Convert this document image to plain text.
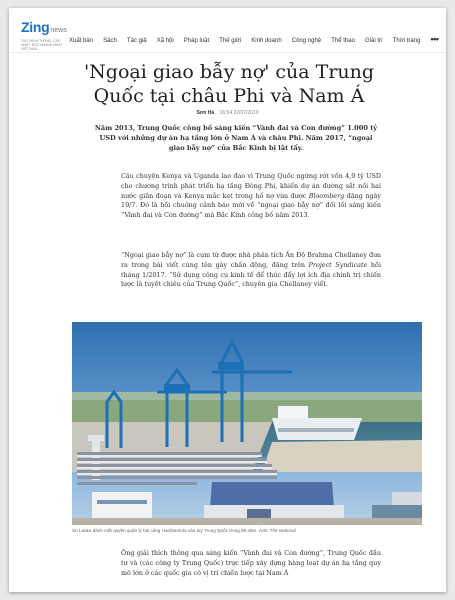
Zingnews
TIN CHÍNH THỐNG, CẬP NHẬT, ĐỌC NHANH NHẤT VIỆT NAM
Xuất bản Sách Tác giả Xã hội Pháp luật Thế giới Kinh doanh Công nghệ Thể thao Giải trí Thời trang •••
'Ngoại giao bẫy nợ' của Trung Quốc tại châu Phi và Nam Á
Sơn Hà 16:54 22/07/2019

Năm 2013, Trung Quốc công bố sáng kiến “Vành đai và Con đường” 1.000 tỷ USD với những dự án hạ tầng lớn ở Nam Á và châu Phi. Năm 2017, “ngoại giao bẫy nợ” của Bắc Kinh bị lật tẩy.

Câu chuyện Kenya và Uganda lao đao vì Trung Quốc ngừng rót vốn 4,9 tỷ USD cho chương trình phát triển hạ tầng Đông Phi, khiến dự án đường sắt nối hai nước giãn đoạn và Kenya mắc kẹt trong hố nợ vừa được Bloomberg đăng ngày 19/7. Đó là hồi chuông cảnh báo mới về “ngoại giao bẫy nợ” đối lối sáng kiến “Vành đai và Con đường” mà Bắc Kinh công bố năm 2013.

“Ngoại giao bẫy nợ” là cụm từ được nhà phân tích Ấn Độ Brahma Chellaney đưa ra trong bài viết cùng tên gây chấn động, đăng trên Project Syndicate hồi tháng 1/2017. “Sử dụng công cụ kinh tế để thúc đẩy lợi ích địa chính trị chiến lược là tuyệt chiêu của Trung Quốc”, chuyên gia Chellaney viết.

Sri Lanka đánh mất quyền quản lý hải cảng Hambantota vào tay Trung Quốc trong 99 năm. Ảnh: The National

Ông giải thích thông qua sáng kiến “Vành đai và Con đường”, Trung Quốc đầu tư và (các công ty Trung Quốc) trực tiếp xây dựng hàng loạt dự án hạ tầng quy mô lớn ở các quốc gia có vị trí chiến lược tại Nam Á
